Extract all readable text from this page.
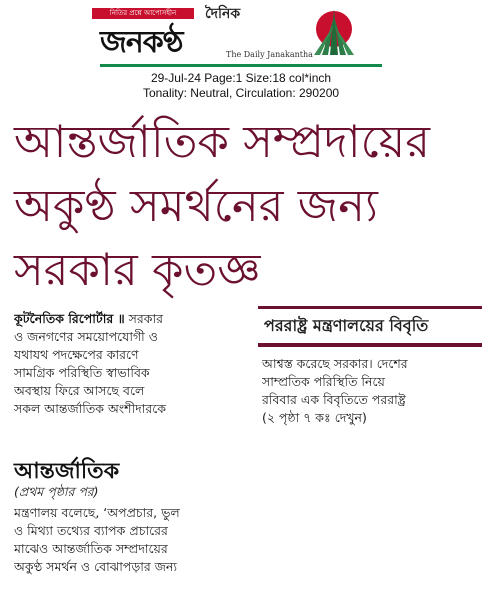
নিতির প্রশ্নে আপোসহীন	দৈনিক
জনকণ্ঠ	The Daily Janakantha
29-Jul-24 Page:1 Size:18 col*inch
Tonality: Neutral, Circulation: 290200
আন্তর্জাতিক সম্প্রদায়ের
অকুণ্ঠ সমর্থনের জন্য
সরকার কৃতজ্ঞ

কূটনৈতিক রিপোর্টার ॥ সরকার
ও জনগণের সময়োপযোগী ও
যথাযথ পদক্ষেপের কারণে
সামগ্রিক পরিস্থিতি স্বাভাবিক
অবস্থায় ফিরে আসছে বলে
সকল আন্তর্জাতিক অংশীদারকে

পররাষ্ট্র মন্ত্রণালয়ের বিবৃতি
আশ্বস্ত করেছে সরকার। দেশের
সাম্প্রতিক পরিস্থিতি নিয়ে
রবিবার এক বিবৃতিতে পররাষ্ট্র
(২ পৃষ্ঠা ৭ কঃ দেখুন)
আন্তর্জাতিক
(প্রথম পৃষ্ঠার পর)
মন্ত্রণালয় বলেছে, ‘অপপ্রচার, ভুল
ও মিথ্যা তথ্যের ব্যাপক প্রচারের
মাঝেও আন্তর্জাতিক সম্প্রদায়ের
অকুণ্ঠ সমর্থন ও বোঝাপড়ার জন্য
